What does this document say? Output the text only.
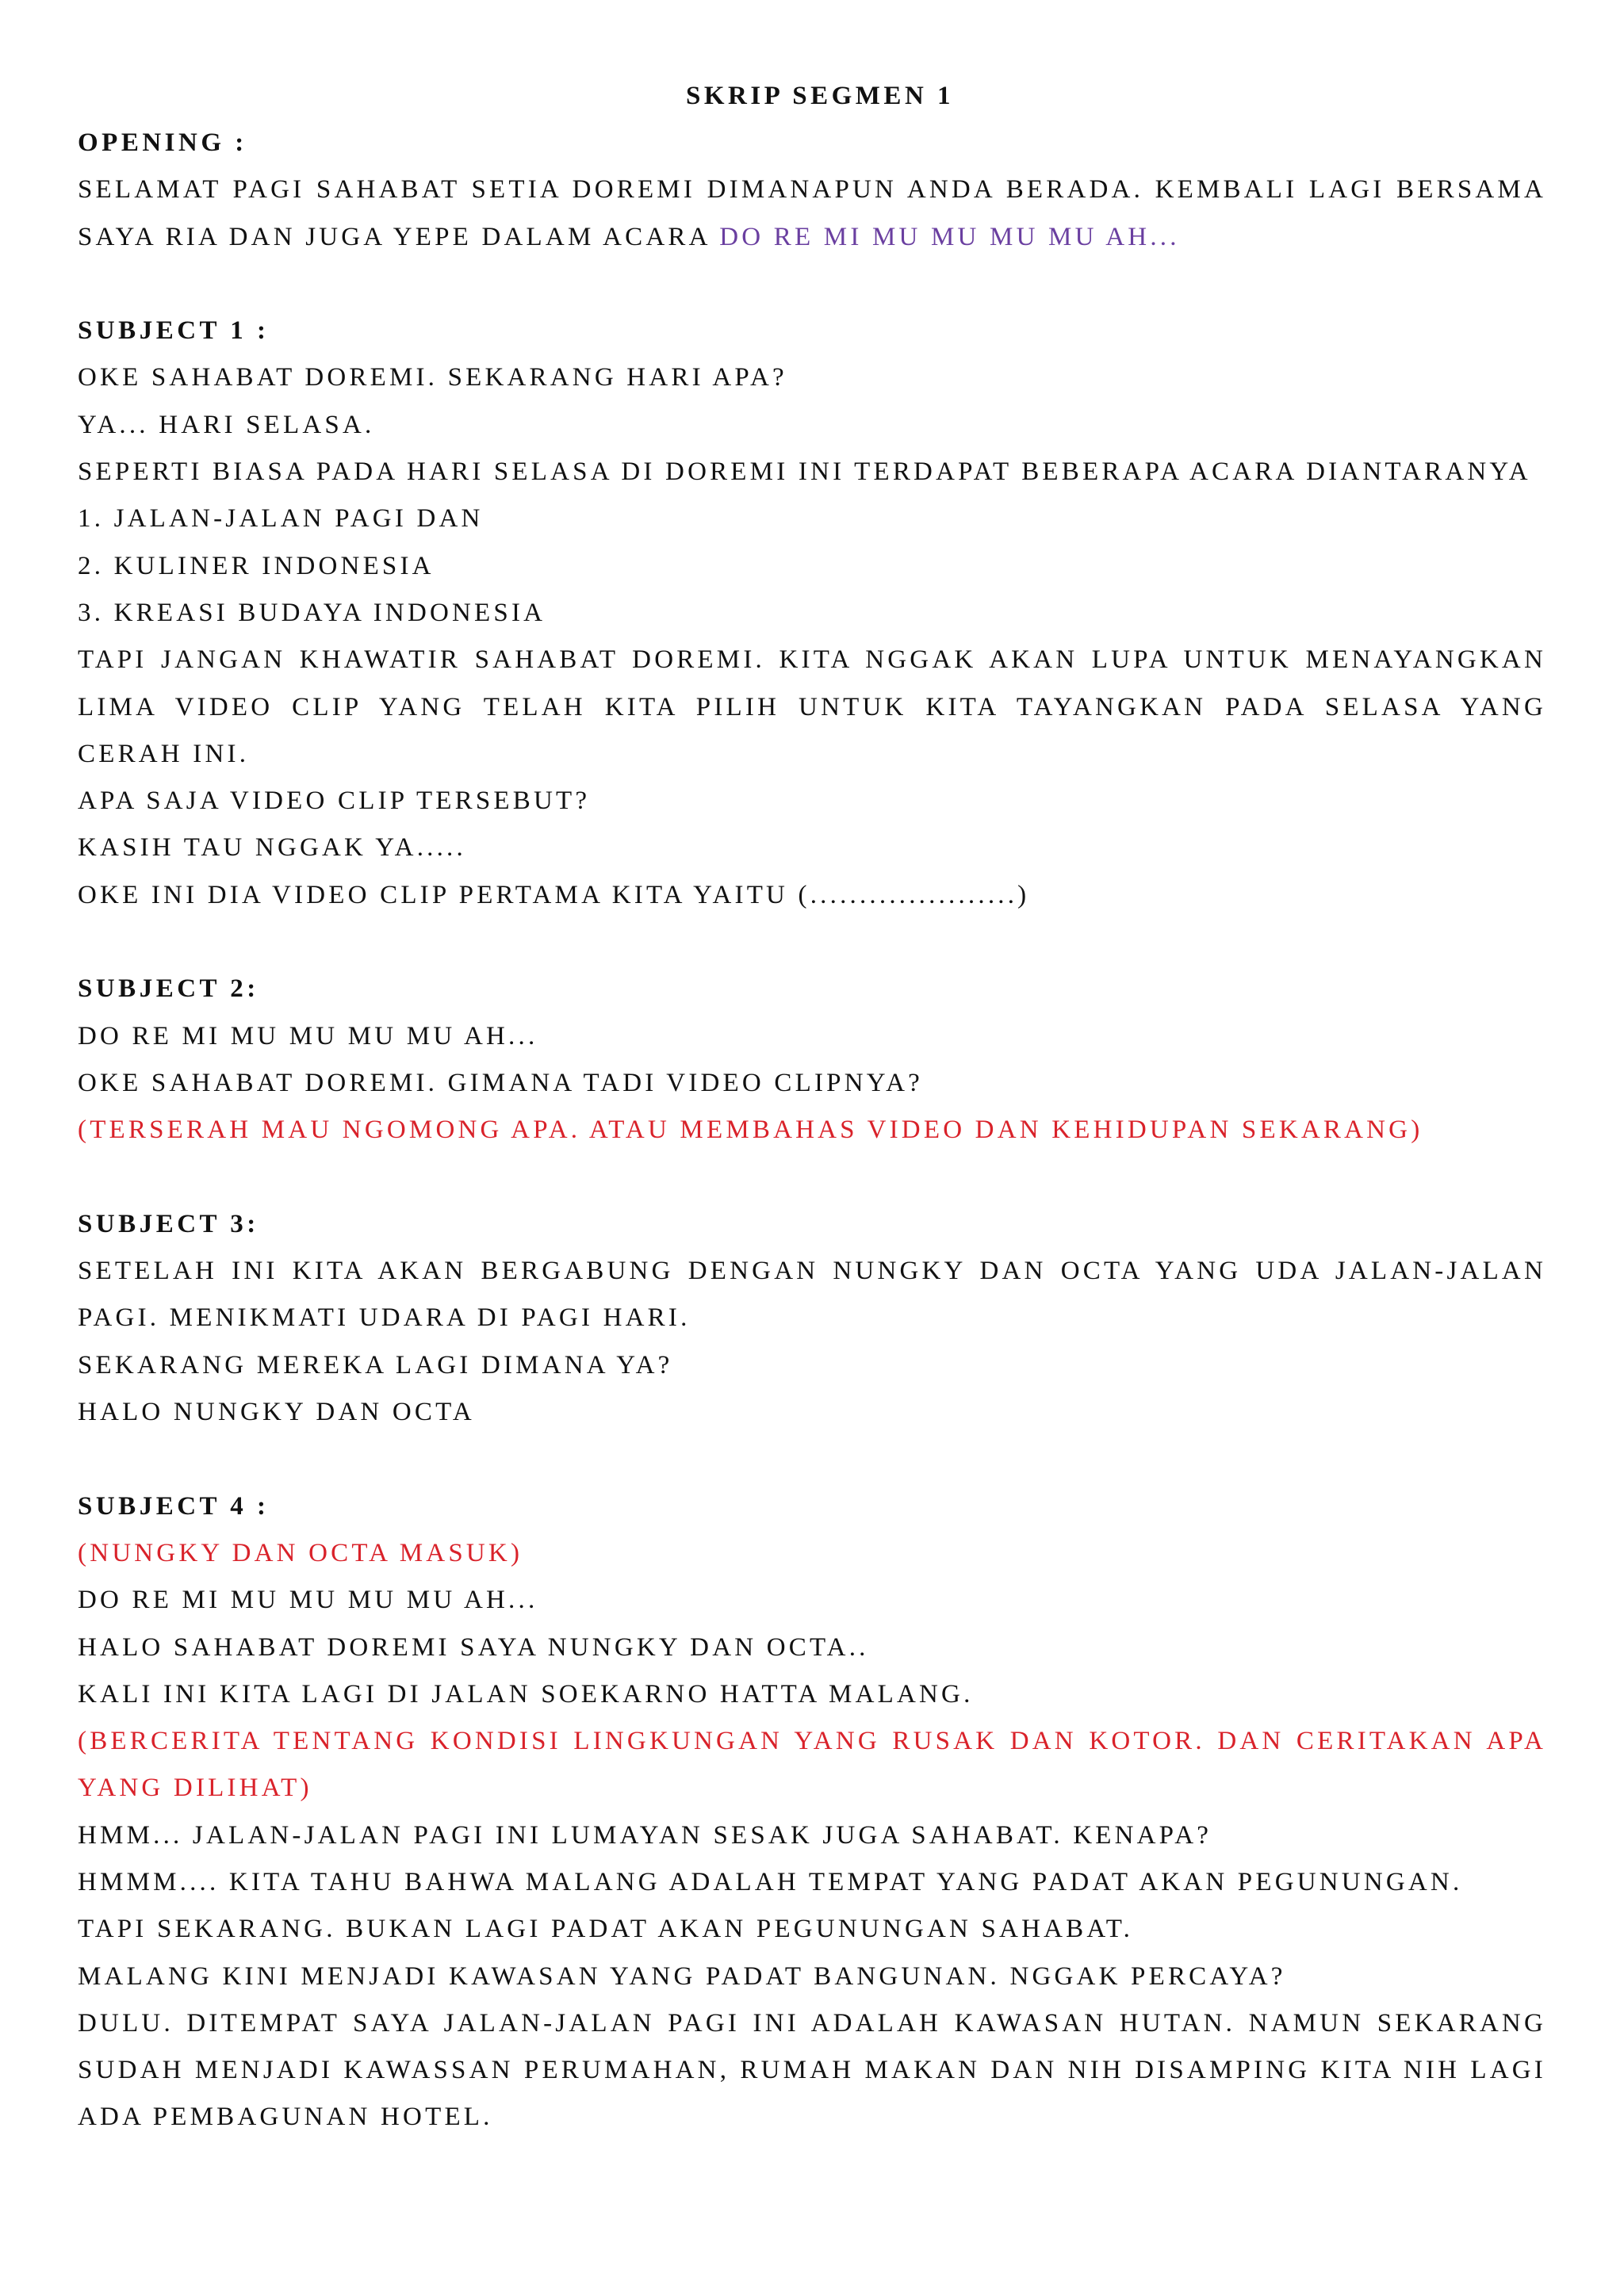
SKRIP SEGMEN 1
OPENING :
SELAMAT PAGI SAHABAT SETIA DOREMI DIMANAPUN ANDA BERADA. KEMBALI LAGI BERSAMA SAYA RIA DAN JUGA YEPE DALAM ACARA DO RE MI MU MU MU MU AH...
SUBJECT 1 :
OKE SAHABAT DOREMI. SEKARANG HARI APA?
YA... HARI SELASA.
SEPERTI BIASA PADA HARI SELASA DI DOREMI INI TERDAPAT BEBERAPA ACARA DIANTARANYA
1. JALAN-JALAN PAGI DAN
2. KULINER INDONESIA
3. KREASI BUDAYA INDONESIA
TAPI JANGAN KHAWATIR SAHABAT DOREMI. KITA NGGAK AKAN LUPA UNTUK MENAYANGKAN LIMA VIDEO CLIP YANG TELAH KITA PILIH UNTUK KITA TAYANGKAN PADA SELASA YANG CERAH INI.
APA SAJA VIDEO CLIP TERSEBUT?
KASIH TAU NGGAK YA.....
OKE INI DIA VIDEO CLIP PERTAMA KITA YAITU (.....................)
SUBJECT 2:
DO RE MI MU MU MU MU AH...
OKE SAHABAT DOREMI. GIMANA TADI VIDEO CLIPNYA?
(TERSERAH MAU NGOMONG APA. ATAU MEMBAHAS VIDEO DAN KEHIDUPAN SEKARANG)
SUBJECT 3:
SETELAH INI KITA AKAN BERGABUNG DENGAN NUNGKY DAN OCTA YANG UDA JALAN-JALAN PAGI. MENIKMATI UDARA DI PAGI HARI.
SEKARANG MEREKA LAGI DIMANA YA?
HALO NUNGKY DAN OCTA
SUBJECT 4 :
(NUNGKY DAN OCTA MASUK)
DO RE MI MU MU MU MU AH...
HALO SAHABAT DOREMI SAYA NUNGKY DAN OCTA..
KALI INI KITA LAGI DI JALAN SOEKARNO HATTA MALANG.
(BERCERITA TENTANG KONDISI LINGKUNGAN YANG RUSAK DAN KOTOR. DAN CERITAKAN APA YANG DILIHAT)
HMM... JALAN-JALAN PAGI INI LUMAYAN SESAK JUGA SAHABAT. KENAPA?
HMMM.... KITA TAHU BAHWA MALANG ADALAH TEMPAT YANG PADAT AKAN PEGUNUNGAN.
TAPI SEKARANG. BUKAN LAGI PADAT AKAN PEGUNUNGAN SAHABAT.
MALANG KINI MENJADI KAWASAN YANG PADAT BANGUNAN. NGGAK PERCAYA?
DULU. DITEMPAT SAYA JALAN-JALAN PAGI INI ADALAH KAWASAN HUTAN. NAMUN SEKARANG SUDAH MENJADI KAWASSAN PERUMAHAN, RUMAH MAKAN DAN NIH DISAMPING KITA NIH LAGI ADA PEMBAGUNAN HOTEL.
